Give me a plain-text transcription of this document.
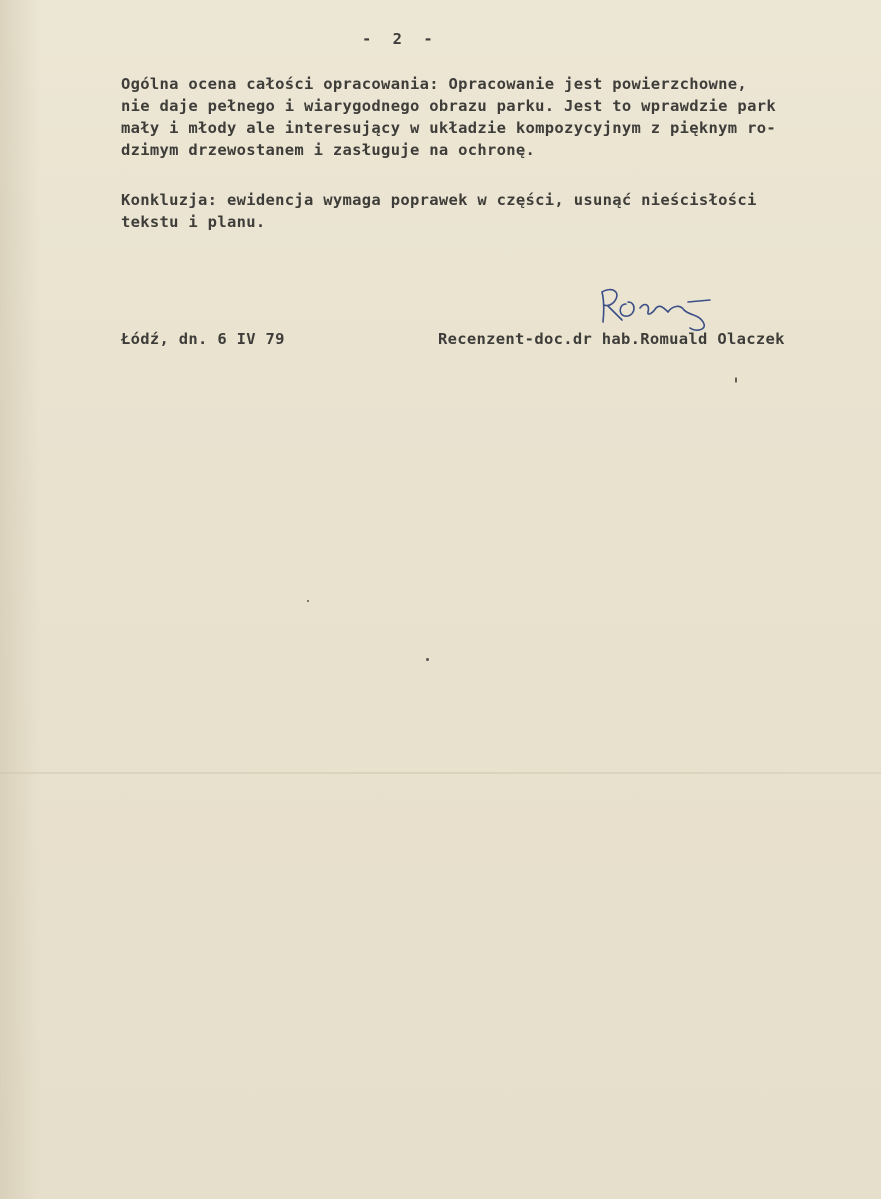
- 2 -
Ogólna ocena całości opracowania: Opracowanie jest powierzchowne,
nie daje pełnego i wiarygodnego obrazu parku. Jest to wprawdzie park
mały i młody ale interesujący w układzie kompozycyjnym z pięknym ro-
dzimym drzewostanem i zasługuje na ochronę.
Konkluzja: ewidencja wymaga poprawek w części, usunąć nieścisłości
tekstu i planu.
Łódź, dn. 6 IV 79	Recenzent-doc.dr hab.Romuald Olaczek
